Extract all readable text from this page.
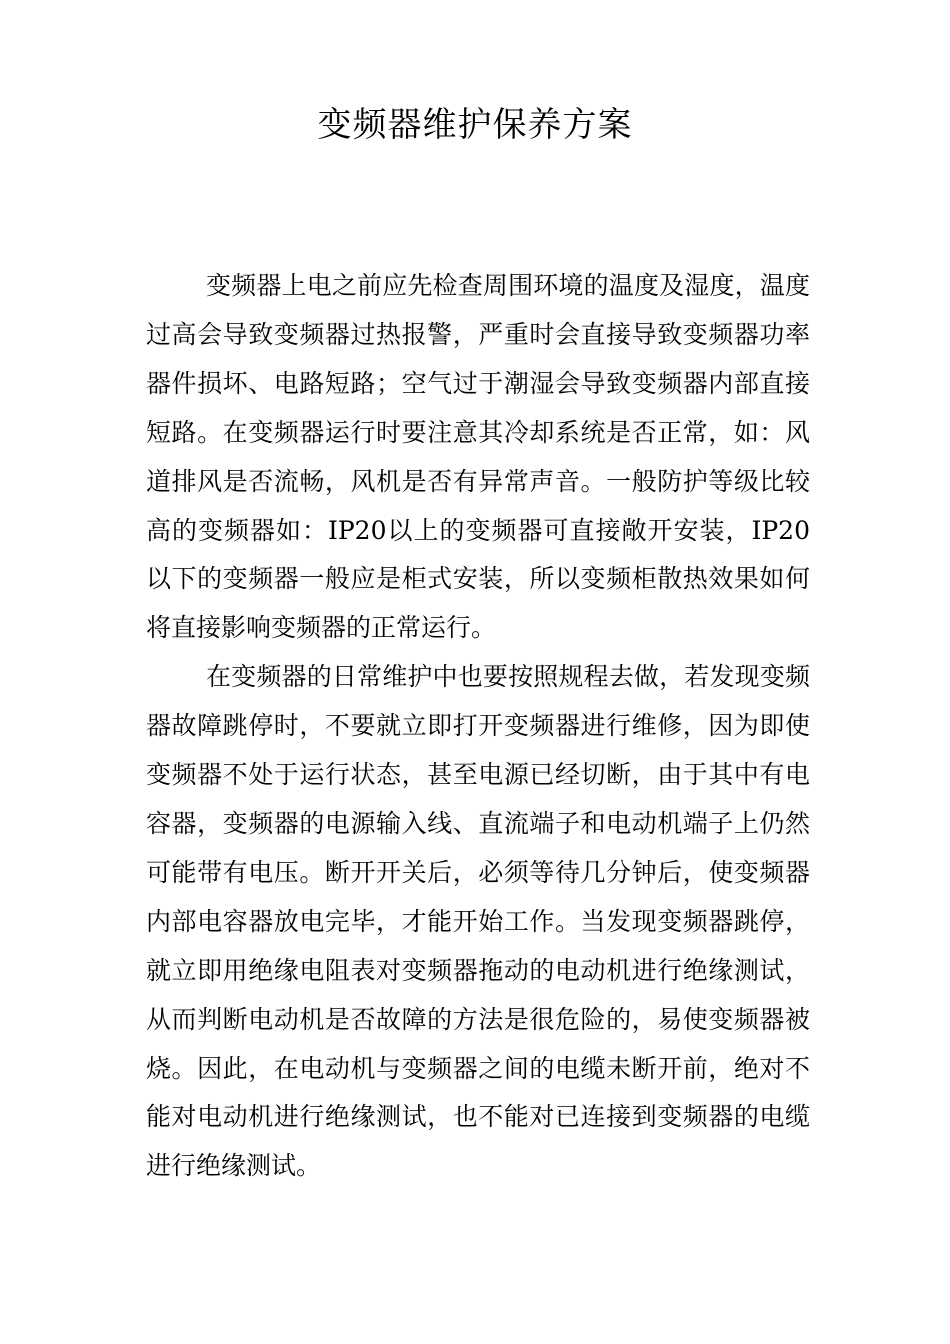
变频器维护保养方案

变频器上电之前应先检查周围环境的温度及湿度，温度过高会导致变频器过热报警，严重时会直接导致变频器功率器件损坏、电路短路；空气过于潮湿会导致变频器内部直接短路。在变频器运行时要注意其冷却系统是否正常，如：风道排风是否流畅，风机是否有异常声音。一般防护等级比较高的变频器如：IP20以上的变频器可直接敞开安装，IP20以下的变频器一般应是柜式安装，所以变频柜散热效果如何将直接影响变频器的正常运行。

在变频器的日常维护中也要按照规程去做，若发现变频器故障跳停时，不要就立即打开变频器进行维修，因为即使变频器不处于运行状态，甚至电源已经切断，由于其中有电容器，变频器的电源输入线、直流端子和电动机端子上仍然可能带有电压。断开开关后，必须等待几分钟后，使变频器内部电容器放电完毕，才能开始工作。当发现变频器跳停，就立即用绝缘电阻表对变频器拖动的电动机进行绝缘测试，从而判断电动机是否故障的方法是很危险的，易使变频器被烧。因此，在电动机与变频器之间的电缆未断开前，绝对不能对电动机进行绝缘测试，也不能对已连接到变频器的电缆进行绝缘测试。
